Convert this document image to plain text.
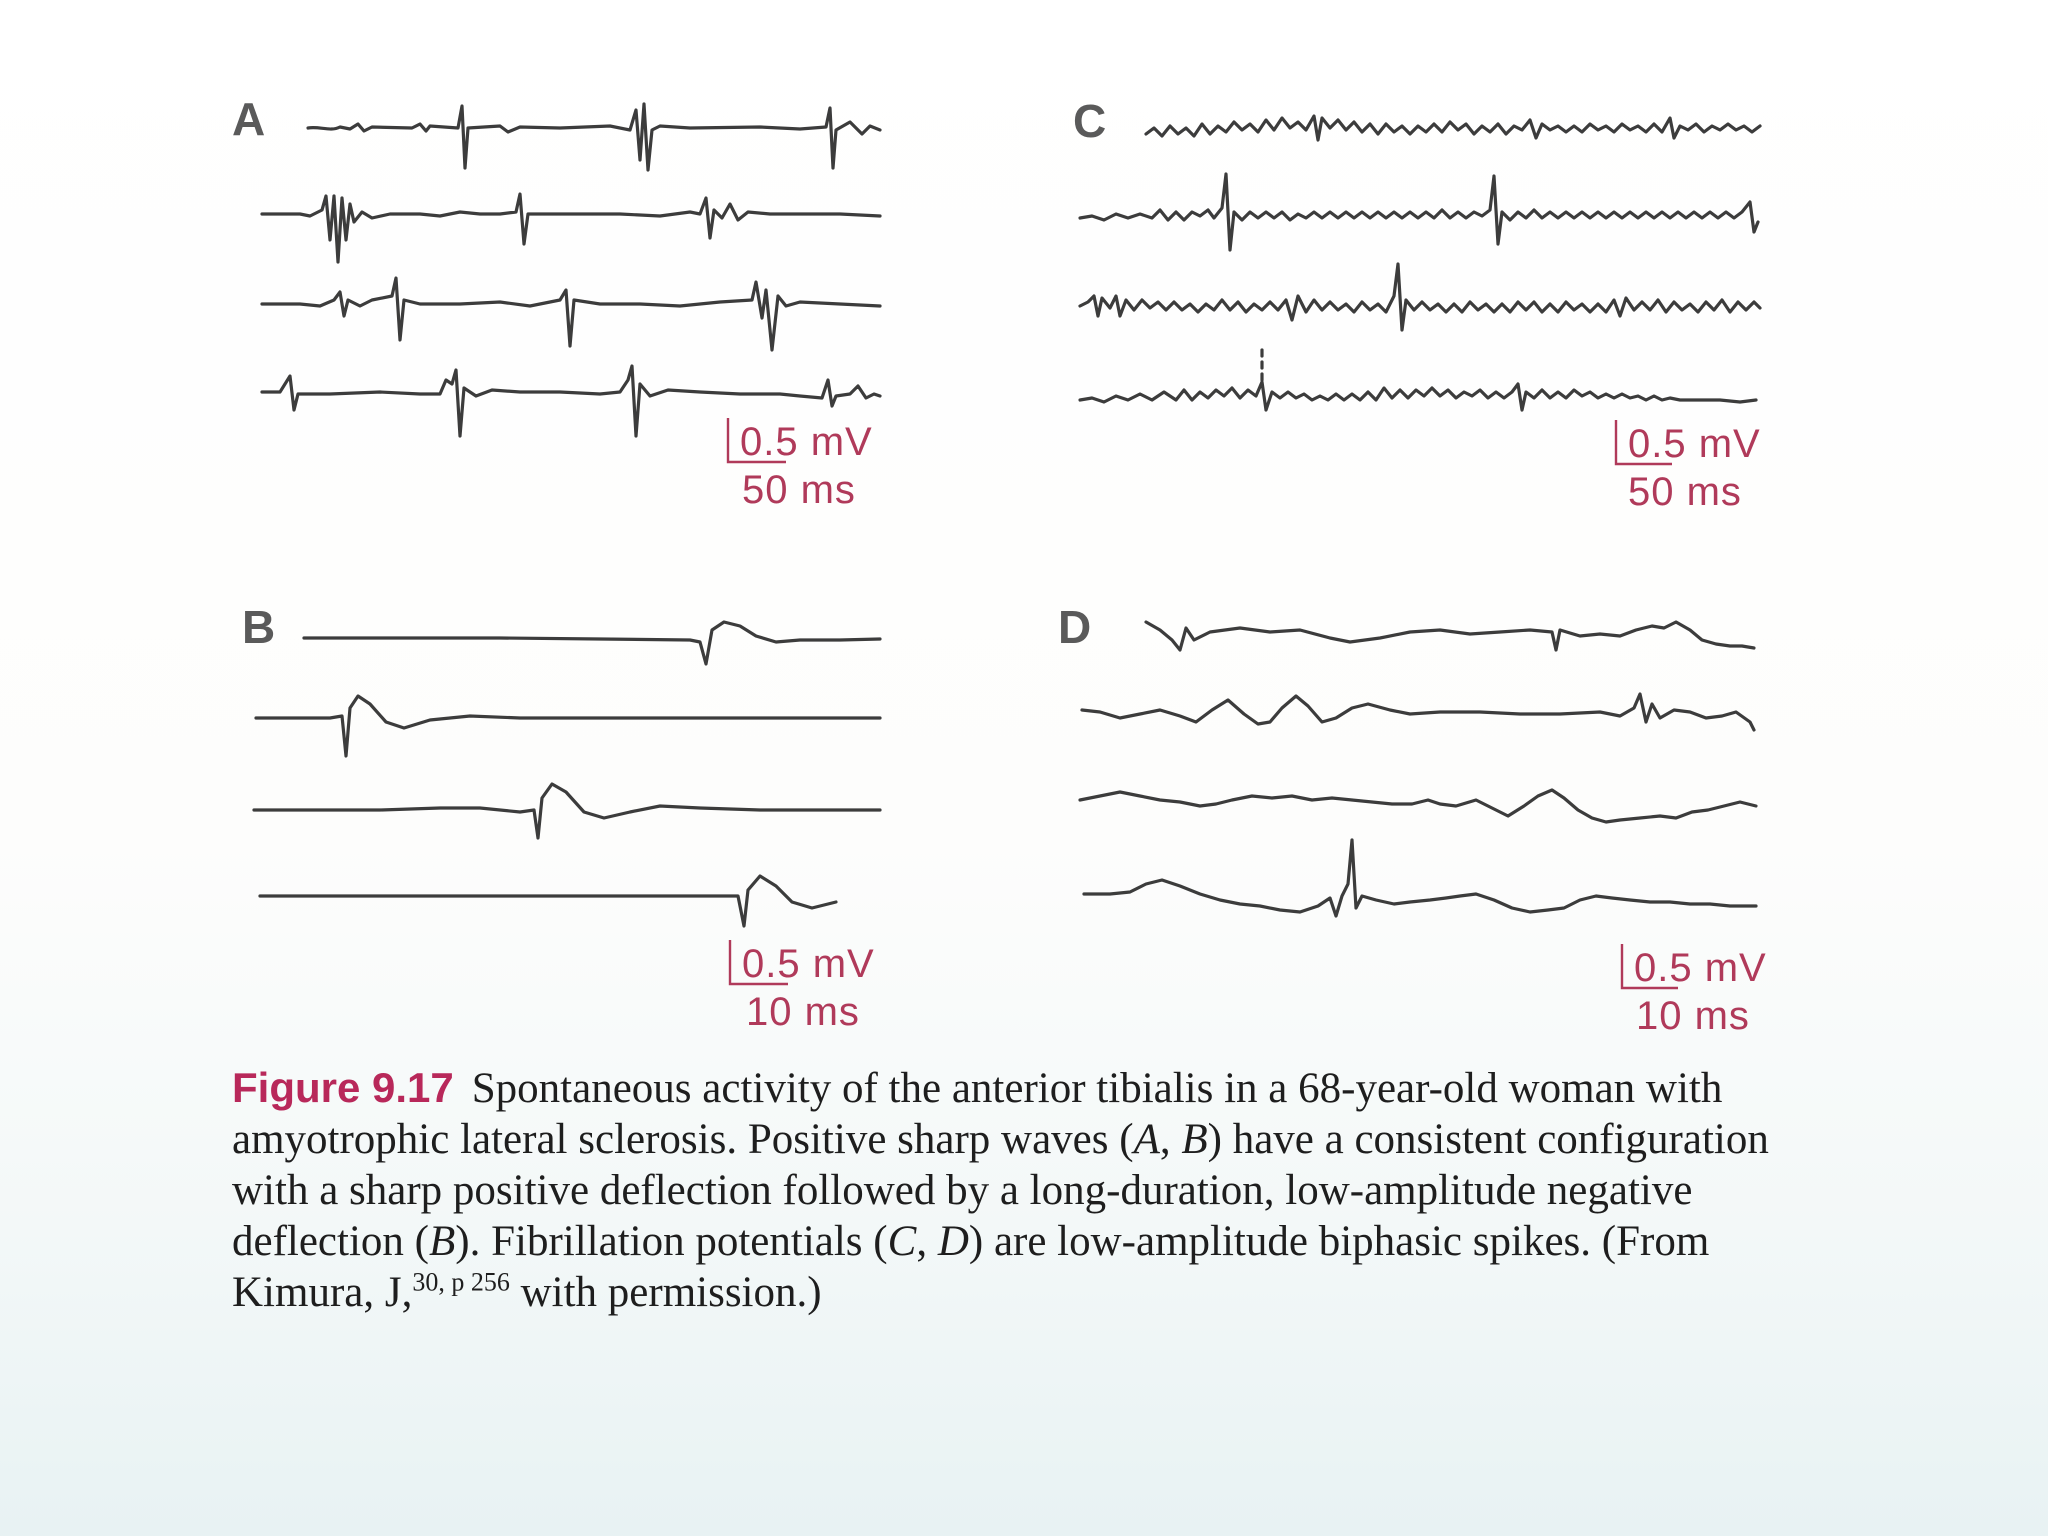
A
B
C
D
0.5 mV
50 ms
0.5 mV
10 ms
0.5 mV
50 ms
0.5 mV
10 ms
Figure 9.17 Spontaneous activity of the anterior tibialis in a 68-year-old woman with amyotrophic lateral sclerosis. Positive sharp waves (A, B) have a consistent configuration with a sharp positive deflection followed by a long-duration, low-amplitude negative deflection (B). Fibrillation potentials (C, D) are low-amplitude biphasic spikes. (From Kimura, J,$^{30, p 256}$ with permission.)
